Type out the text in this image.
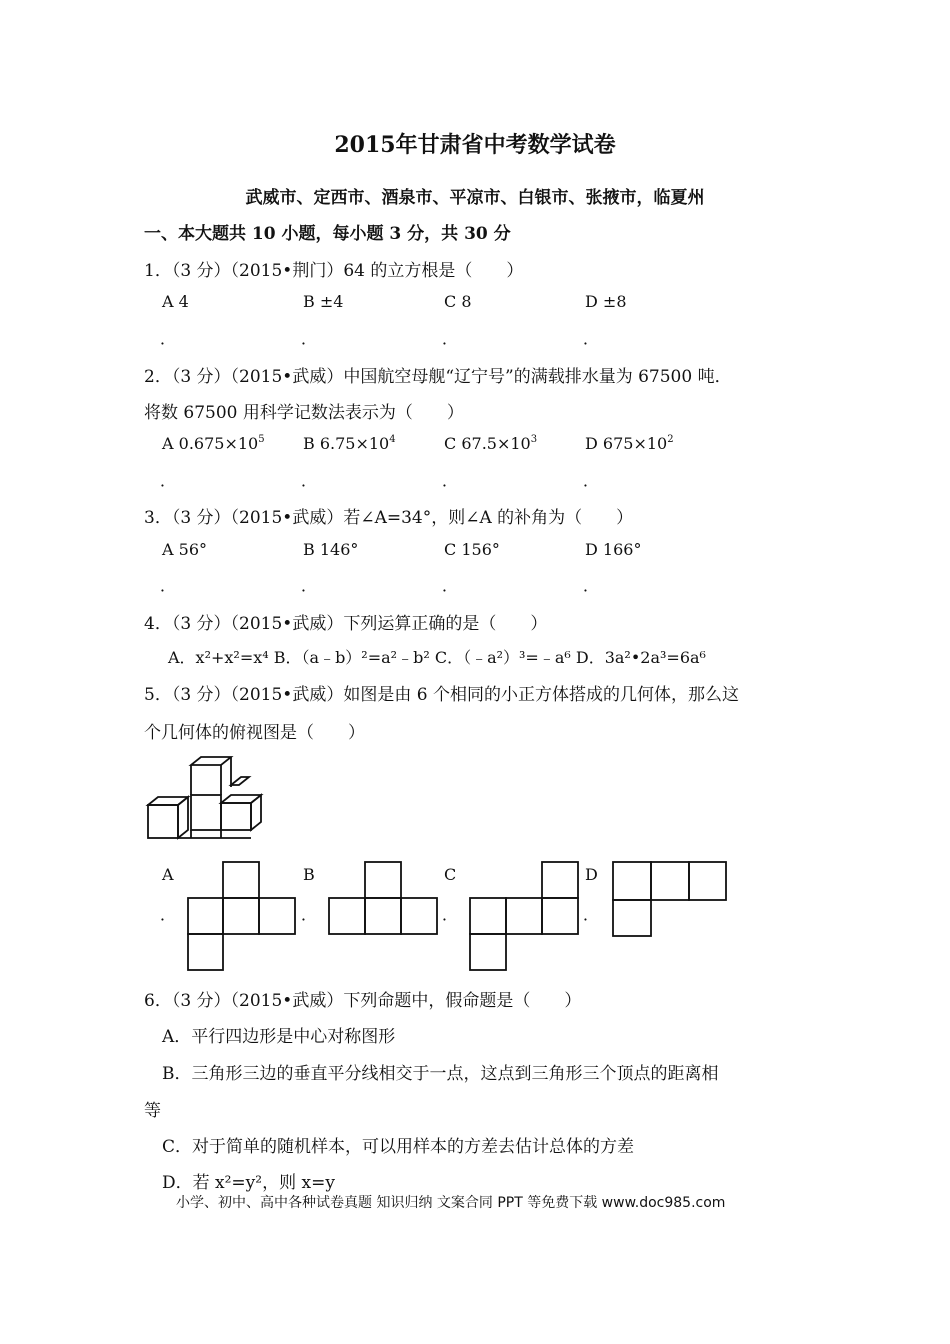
2015年甘肃省中考数学试卷
武威市、定西市、酒泉市、平凉市、白银市、张掖市，临夏州
一、本大题共 10 小题，每小题 3 分，共 30 分
1．（3 分）（2015•荆门）64 的立方根是（　　）
A 4	B ±4	C 8	D ±8
．	．	．	．
2．（3 分）（2015•武威）中国航空母舰“辽宁号”的满载排水量为 67500 吨．
将数 67500 用科学记数法表示为（　　）
A $0.675\times 10^5$ B $6.75\times 10^4$	C $67.5\times 10^3$	D $675\times 10^2$
．	．	．	．
3．（3 分）（2015•武威）若∠A=34°，则∠A 的补角为（　　）
A 56°	B 146°	C 156°	D 166°
．	．	．	．
4．（3 分）（2015•武威）下列运算正确的是（　　）
A．x²+x²=x⁴ B．（a﹣b）²=a²﹣b² C．（﹣a²）³=﹣a⁶ D．3a²•2a³=6a⁶
5．（3 分）（2015•武威）如图是由 6 个相同的小正方体搭成的几何体，那么这
个几何体的俯视图是（　　）
A
．
B
．
C
．
D
．
6．（3 分）（2015•武威）下列命题中，假命题是（　　）
A．平行四边形是中心对称图形
B．三角形三边的垂直平分线相交于一点，这点到三角形三个顶点的距离相
等
C．对于简单的随机样本，可以用样本的方差去估计总体的方差
D．若 x²=y²，则 x=y
小学、初中、高中各种试卷真题 知识归纳 文案合同 PPT 等免费下载 www.doc985.com
